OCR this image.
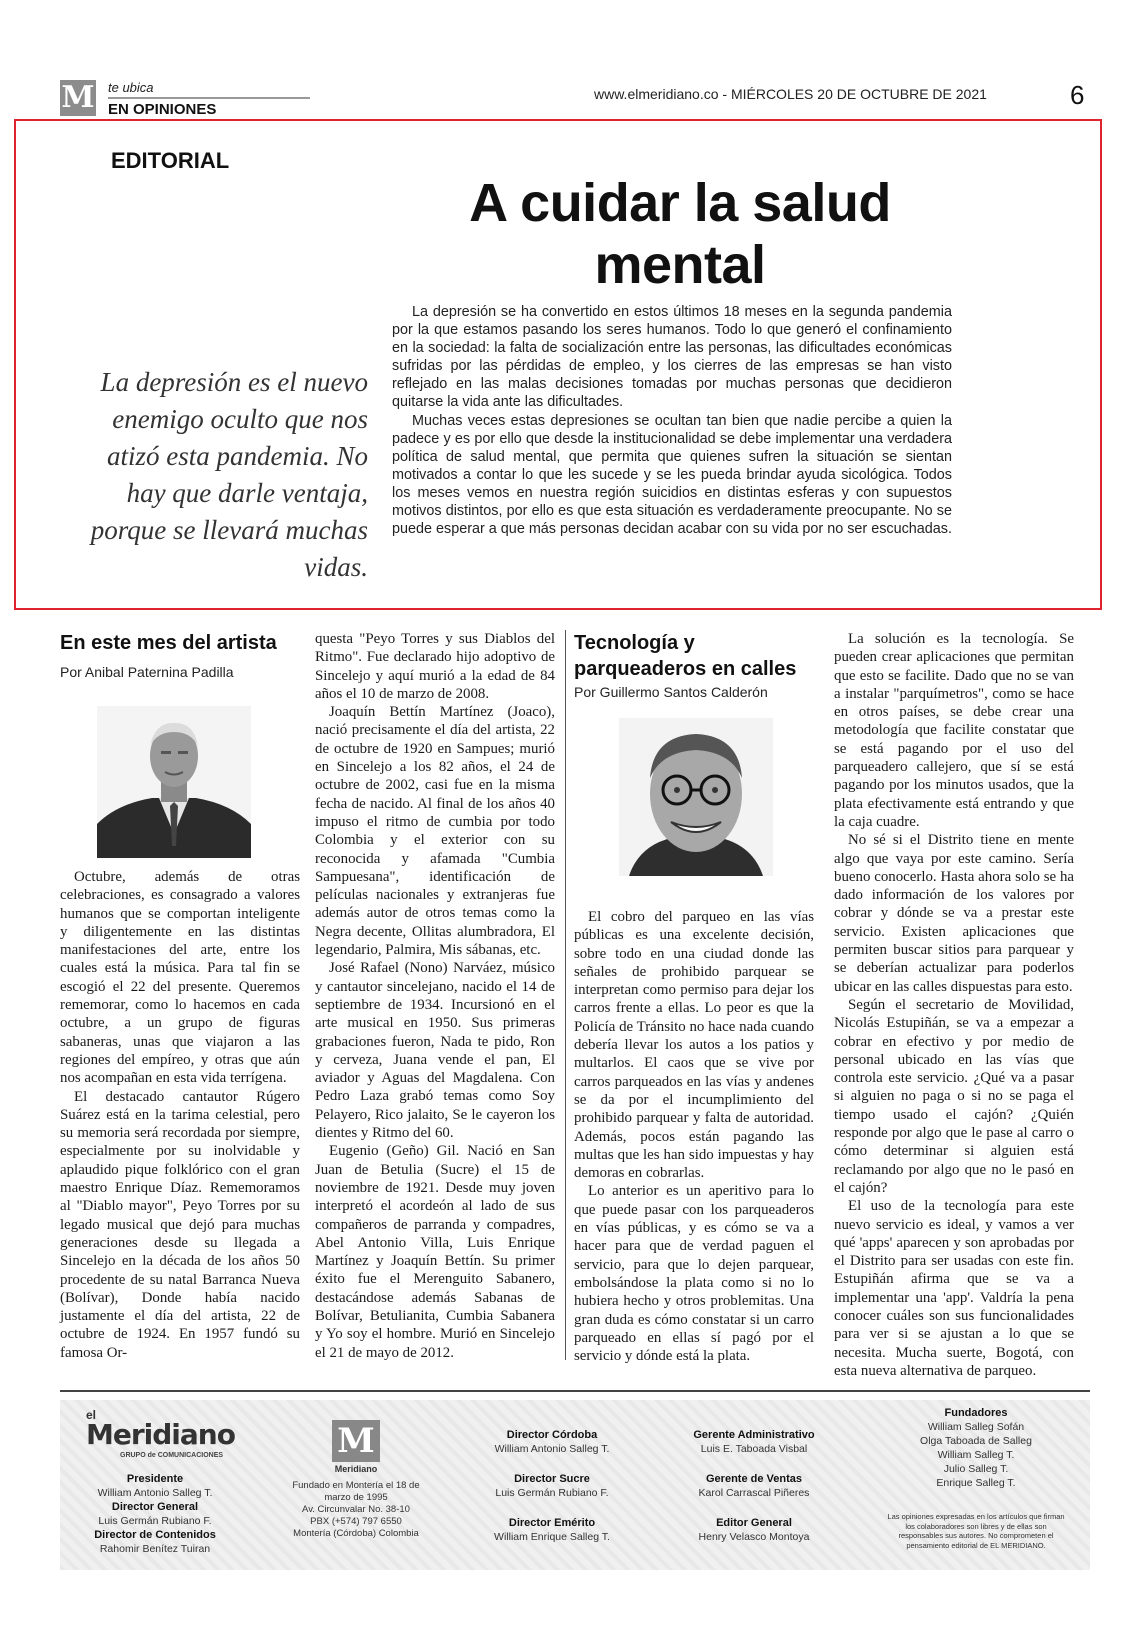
M te ubica
EN OPINIONES
www.elmeridiano.co - MIÉRCOLES 20 DE OCTUBRE DE 2021	6
EDITORIAL
A cuidar la salud mental
La depresión es el nuevo enemigo oculto que nos atizó esta pandemia. No hay que darle ventaja, porque se llevará muchas vidas.

La depresión se ha convertido en estos últimos 18 meses en la segunda pandemia por la que estamos pasando los seres humanos. Todo lo que generó el confinamiento en la sociedad: la falta de socialización entre las personas, las dificultades económicas sufridas por las pérdidas de empleo, y los cierres de las empresas se han visto reflejado en las malas decisiones tomadas por muchas personas que decidieron quitarse la vida ante las dificultades.

Muchas veces estas depresiones se ocultan tan bien que nadie percibe a quien la padece y es por ello que desde la institucionalidad se debe implementar una verdadera política de salud mental, que permita que quienes sufren la situación se sientan motivados a contar lo que les sucede y se les pueda brindar ayuda sicológica. Todos los meses vemos en nuestra región suicidios en distintas esferas y con supuestos motivos distintos, por ello es que esta situación es verdaderamente preocupante. No se puede esperar a que más personas decidan acabar con su vida por no ser escuchadas.

En este mes del artista
Por Anibal Paternina Padilla

Octubre, además de otras celebraciones, es consagrado a valores humanos que se comportan inteligente y diligentemente en las distintas manifestaciones del arte, entre los cuales está la música. Para tal fin se escogió el 22 del presente. Queremos rememorar, como lo hacemos en cada octubre, a un grupo de figuras sabaneras, unas que viajaron a las regiones del empíreo, y otras que aún nos acompañan en esta vida terrígena.

El destacado cantautor Rúgero Suárez está en la tarima celestial, pero su memoria será recordada por siempre, especialmente por su inolvidable y aplaudido pique folklórico con el gran maestro Enrique Díaz. Rememoramos al "Diablo mayor", Peyo Torres por su legado musical que dejó para muchas generaciones desde su llegada a Sincelejo en la década de los años 50 procedente de su natal Barranca Nueva (Bolívar), Donde había nacido justamente el día del artista, 22 de octubre de 1924. En 1957 fundó su famosa Or-

questa "Peyo Torres y sus Diablos del Ritmo". Fue declarado hijo adoptivo de Sincelejo y aquí murió a la edad de 84 años el 10 de marzo de 2008.

Joaquín Bettín Martínez (Joaco), nació precisamente el día del artista, 22 de octubre de 1920 en Sampues; murió en Sincelejo a los 82 años, el 24 de octubre de 2002, casi fue en la misma fecha de nacido. Al final de los años 40 impuso el ritmo de cumbia por todo Colombia y el exterior con su reconocida y afamada "Cumbia Sampuesana", identificación de películas nacionales y extranjeras fue además autor de otros temas como la Negra decente, Ollitas alumbradora, El legendario, Palmira, Mis sábanas, etc.

José Rafael (Nono) Narváez, músico y cantautor sincelejano, nacido el 14 de septiembre de 1934. Incursionó en el arte musical en 1950. Sus primeras grabaciones fueron, Nada te pido, Ron y cerveza, Juana vende el pan, El aviador y Aguas del Magdalena. Con Pedro Laza grabó temas como Soy Pelayero, Rico jalaito, Se le cayeron los dientes y Ritmo del 60.

Eugenio (Geño) Gil. Nació en San Juan de Betulia (Sucre) el 15 de noviembre de 1921. Desde muy joven interpretó el acordeón al lado de sus compañeros de parranda y compadres, Abel Antonio Villa, Luis Enrique Martínez y Joaquín Bettín. Su primer éxito fue el Merenguito Sabanero, destacándose además Sabanas de Bolívar, Betulianita, Cumbia Sabanera y Yo soy el hombre. Murió en Sincelejo el 21 de mayo de 2012.

Tecnología y parqueaderos en calles
Por Guillermo Santos Calderón

El cobro del parqueo en las vías públicas es una excelente decisión, sobre todo en una ciudad donde las señales de prohibido parquear se interpretan como permiso para dejar los carros frente a ellas. Lo peor es que la Policía de Tránsito no hace nada cuando debería llevar los autos a los patios y multarlos. El caos que se vive por carros parqueados en las vías y andenes se da por el incumplimiento del prohibido parquear y falta de autoridad. Además, pocos están pagando las multas que les han sido impuestas y hay demoras en cobrarlas.

Lo anterior es un aperitivo para lo que puede pasar con los parqueaderos en vías públicas, y es cómo se va a hacer para que de verdad paguen el servicio, para que lo dejen parquear, embolsándose la plata como si no lo hubiera hecho y otros problemitas. Una gran duda es cómo constatar si un carro parqueado en ellas sí pagó por el servicio y dónde está la plata.

La solución es la tecnología. Se pueden crear aplicaciones que permitan que esto se facilite. Dado que no se van a instalar "parquímetros", como se hace en otros países, se debe crear una metodología que facilite constatar que se está pagando por el uso del parqueadero callejero, que sí se está pagando por los minutos usados, que la plata efectivamente está entrando y que la caja cuadre.

No sé si el Distrito tiene en mente algo que vaya por este camino. Sería bueno conocerlo. Hasta ahora solo se ha dado información de los valores por cobrar y dónde se va a prestar este servicio. Existen aplicaciones que permiten buscar sitios para parquear y se deberían actualizar para poderlos ubicar en las calles dispuestas para esto.

Según el secretario de Movilidad, Nicolás Estupiñán, se va a empezar a cobrar en efectivo y por medio de personal ubicado en las vías que controla este servicio. ¿Qué va a pasar si alguien no paga o si no se paga el tiempo usado el cajón? ¿Quién responde por algo que le pase al carro o cómo determinar si alguien está reclamando por algo que no le pasó en el cajón?

El uso de la tecnología para este nuevo servicio es ideal, y vamos a ver qué 'apps' aparecen y son aprobadas por el Distrito para ser usadas con este fin. Estupiñán afirma que se va a implementar una 'app'. Valdría la pena conocer cuáles son sus funcionalidades para ver si se ajustan a lo que se necesita. Mucha suerte, Bogotá, con esta nueva alternativa de parqueo.

el
Meridiano
GRUPO de COMUNICACIONES
Presidente
William Antonio Salleg T.
Director General
Luis Germán Rubiano F.
Director de Contenidos
Rahomir Benítez Tuiran
M
Meridiano
Fundado en Montería el 18 de marzo de 1995
Av. Circunvalar No. 38-10
PBX (+574) 797 6550
Montería (Córdoba) Colombia
Director Córdoba
William Antonio Salleg T.
Director Sucre
Luis Germán Rubiano F.
Director Emérito
William Enrique Salleg T.
Gerente Administrativo
Luis E. Taboada Visbal
Gerente de Ventas
Karol Carrascal Piñeres
Editor General
Henry Velasco Montoya
Fundadores
William Salleg Sofán
Olga Taboada de Salleg
William Salleg T.
Julio Salleg T.
Enrique Salleg T.
Las opiniones expresadas en los artículos que firman los colaboradores son libres y de ellas son responsables sus autores. No comprometen el pensamiento editorial de EL MERIDIANO.
